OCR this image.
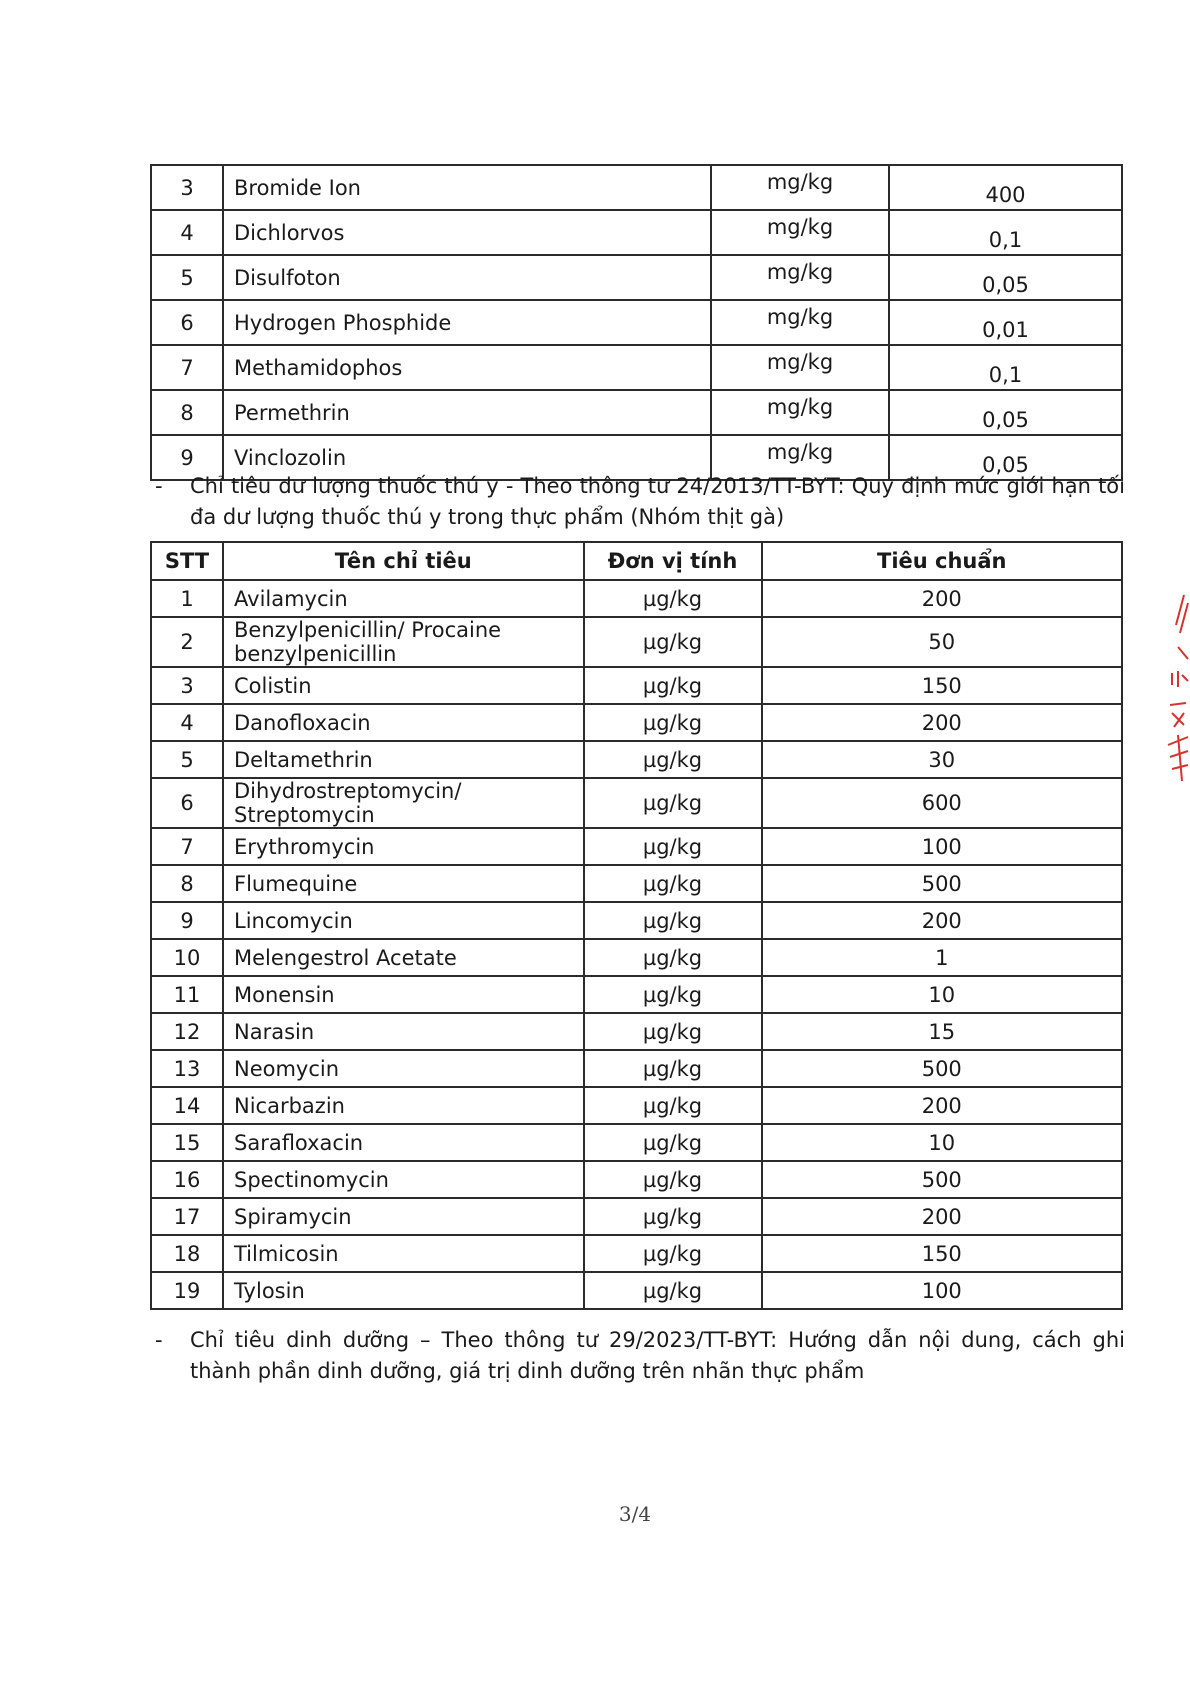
3	Bromide Ion	mg/kg	400
4	Dichlorvos	mg/kg	0,1
5	Disulfoton	mg/kg	0,05
6	Hydrogen Phosphide	mg/kg	0,01
7	Methamidophos	mg/kg	0,1
8	Permethrin	mg/kg	0,05
9	Vinclozolin	mg/kg	0,05
- Chỉ tiêu dư lượng thuốc thú y - Theo thông tư 24/2013/TT-BYT: Quy định mức giới hạn tối đa dư lượng thuốc thú y trong thực phẩm (Nhóm thịt gà)
STT	Tên chỉ tiêu	Đơn vị tính	Tiêu chuẩn
1	Avilamycin	µg/kg	200
2	Benzylpenicillin/ Procaine benzylpenicillin	µg/kg	50
3	Colistin	µg/kg	150
4	Danofloxacin	µg/kg	200
5	Deltamethrin	µg/kg	30
6	Dihydrostreptomycin/ Streptomycin	µg/kg	600
7	Erythromycin	µg/kg	100
8	Flumequine	µg/kg	500
9	Lincomycin	µg/kg	200
10	Melengestrol Acetate	µg/kg	1
11	Monensin	µg/kg	10
12	Narasin	µg/kg	15
13	Neomycin	µg/kg	500
14	Nicarbazin	µg/kg	200
15	Sarafloxacin	µg/kg	10
16	Spectinomycin	µg/kg	500
17	Spiramycin	µg/kg	200
18	Tilmicosin	µg/kg	150
19	Tylosin	µg/kg	100
- Chỉ tiêu dinh dưỡng – Theo thông tư 29/2023/TT-BYT: Hướng dẫn nội dung, cách ghi thành phần dinh dưỡng, giá trị dinh dưỡng trên nhãn thực phẩm
3/4
